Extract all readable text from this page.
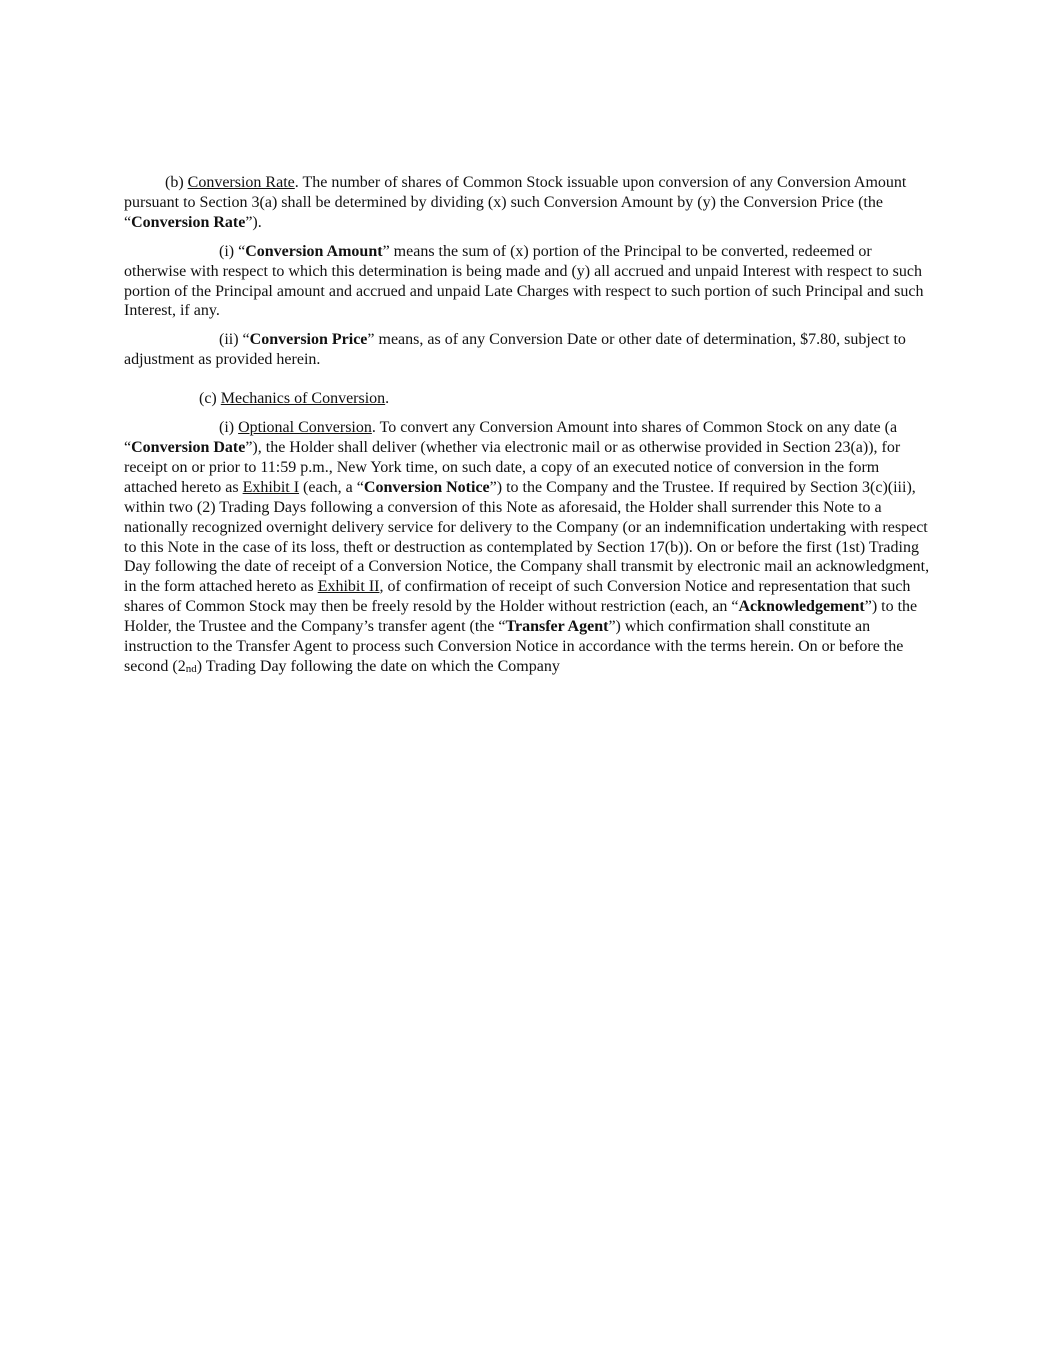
(b) Conversion Rate. The number of shares of Common Stock issuable upon conversion of any Conversion Amount pursuant to Section 3(a) shall be determined by dividing (x) such Conversion Amount by (y) the Conversion Price (the “Conversion Rate”).

(i) “Conversion Amount” means the sum of (x) portion of the Principal to be converted, redeemed or otherwise with respect to which this determination is being made and (y) all accrued and unpaid Interest with respect to such portion of the Principal amount and accrued and unpaid Late Charges with respect to such portion of such Principal and such Interest, if any.

(ii) “Conversion Price” means, as of any Conversion Date or other date of determination, $7.80, subject to adjustment as provided herein.

(c) Mechanics of Conversion.

(i) Optional Conversion. To convert any Conversion Amount into shares of Common Stock on any date (a “Conversion Date”), the Holder shall deliver (whether via electronic mail or as otherwise provided in Section 23(a)), for receipt on or prior to 11:59 p.m., New York time, on such date, a copy of an executed notice of conversion in the form attached hereto as Exhibit I (each, a “Conversion Notice”) to the Company and the Trustee. If required by Section 3(c)(iii), within two (2) Trading Days following a conversion of this Note as aforesaid, the Holder shall surrender this Note to a nationally recognized overnight delivery service for delivery to the Company (or an indemnification undertaking with respect to this Note in the case of its loss, theft or destruction as contemplated by Section 17(b)). On or before the first (1st) Trading Day following the date of receipt of a Conversion Notice, the Company shall transmit by electronic mail an acknowledgment, in the form attached hereto as Exhibit II, of confirmation of receipt of such Conversion Notice and representation that such shares of Common Stock may then be freely resold by the Holder without restriction (each, an “Acknowledgement”) to the Holder, the Trustee and the Company’s transfer agent (the “Transfer Agent”) which confirmation shall constitute an instruction to the Transfer Agent to process such Conversion Notice in accordance with the terms herein. On or before the second (2nd) Trading Day following the date on which the Company
